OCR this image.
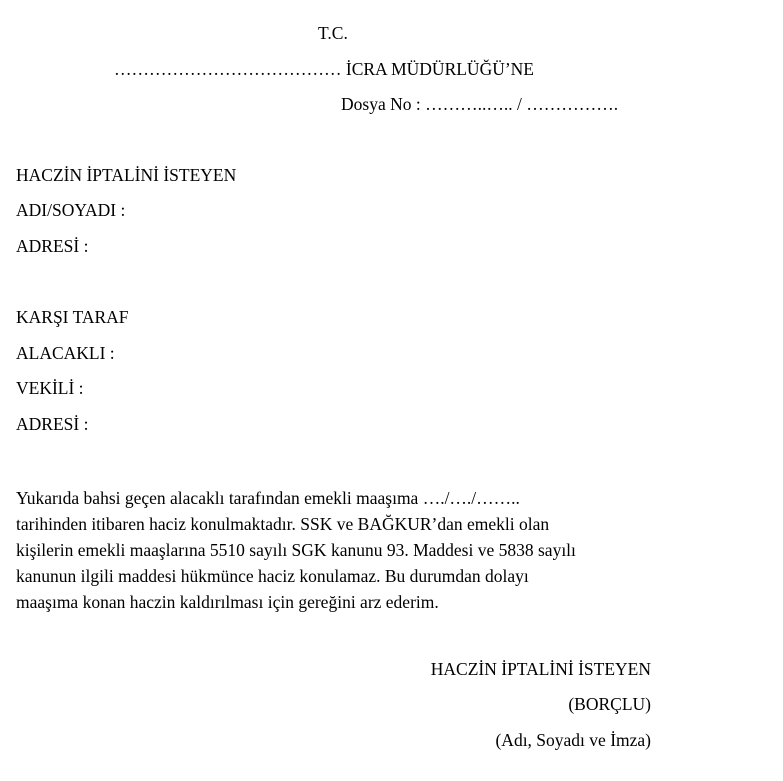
T.C.
………………………………… İCRA MÜDÜRLÜĞÜ’NE
Dosya No : ………..….. / …………….
HACZİN İPTALİNİ İSTEYEN
ADI/SOYADI :
ADRESİ :
KARŞI TARAF
ALACAKLI :
VEKİLİ :
ADRESİ :
Yukarıda bahsi geçen alacaklı tarafından emekli maaşıma …./…./……..
tarihinden itibaren haciz konulmaktadır. SSK ve BAĞKUR’dan emekli olan
kişilerin emekli maaşlarına 5510 sayılı SGK kanunu 93. Maddesi ve 5838 sayılı
kanunun ilgili maddesi hükmünce haciz konulamaz. Bu durumdan dolayı
maaşıma konan haczin kaldırılması için gereğini arz ederim.
HACZİN İPTALİNİ İSTEYEN
(BORÇLU)
(Adı, Soyadı ve İmza)
